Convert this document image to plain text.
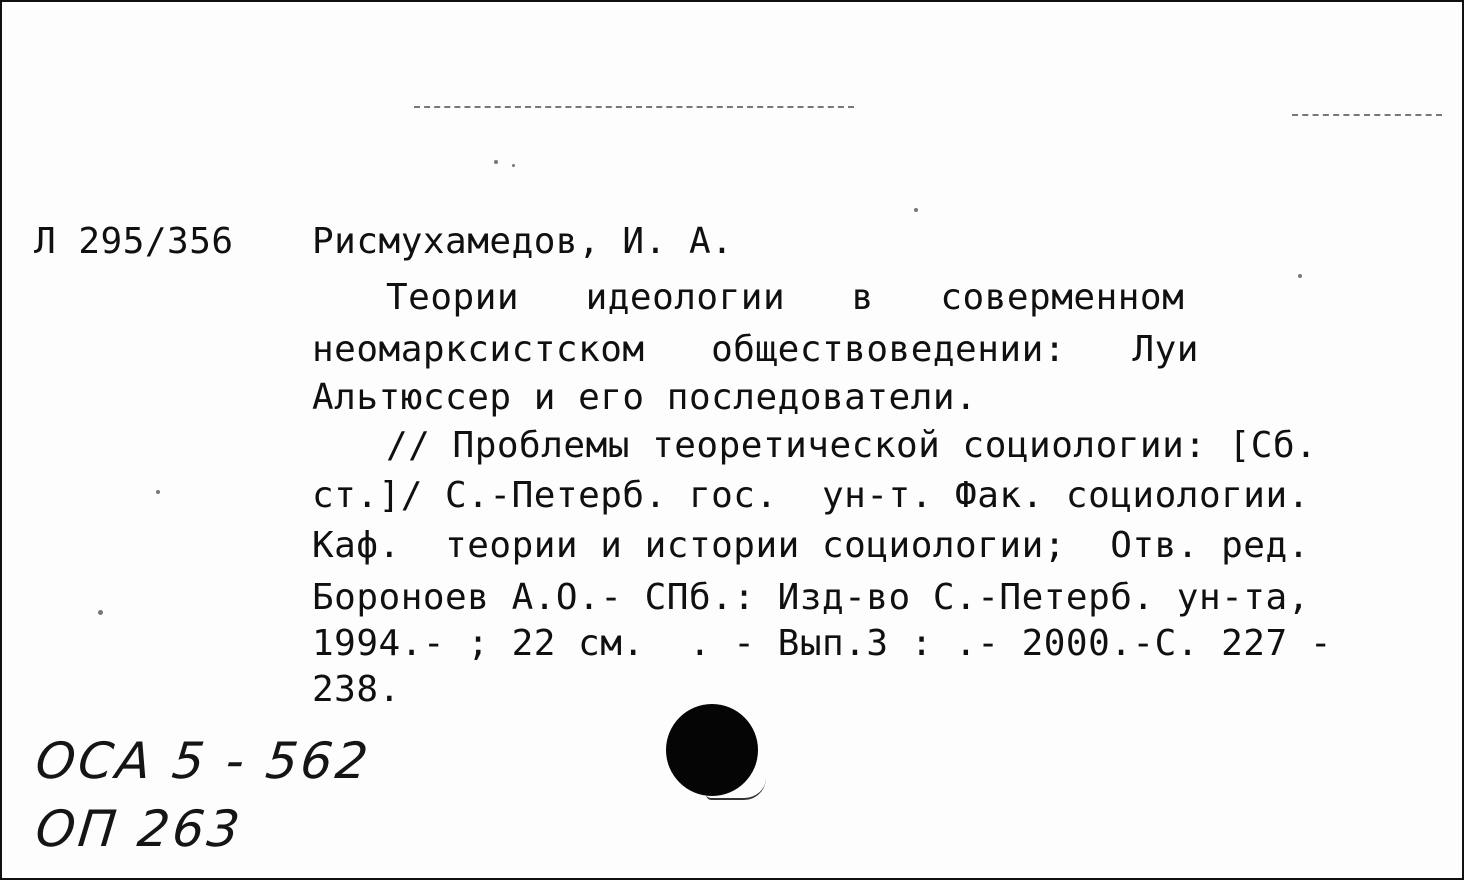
Л 295/356 Рисмухамедов, И. А.

Теории   идеологии   в   соверменном

неомарксистском   обществоведении:   Луи

Альтюссер и его последователи.

// Проблемы теоретической социологии: [Сб.

ст.]/ С.-Петерб. гос.  ун-т. Фак. социологии.

Каф.  теории и истории социологии;  Отв. ред.

Бороноев А.О.- СПб.: Изд-во С.-Петерб. ун-та,

1994.- ; 22 см.  . - Вып.3 : .- 2000.-С. 227 -

238.

ОСА 5 - 562

ОП 263
